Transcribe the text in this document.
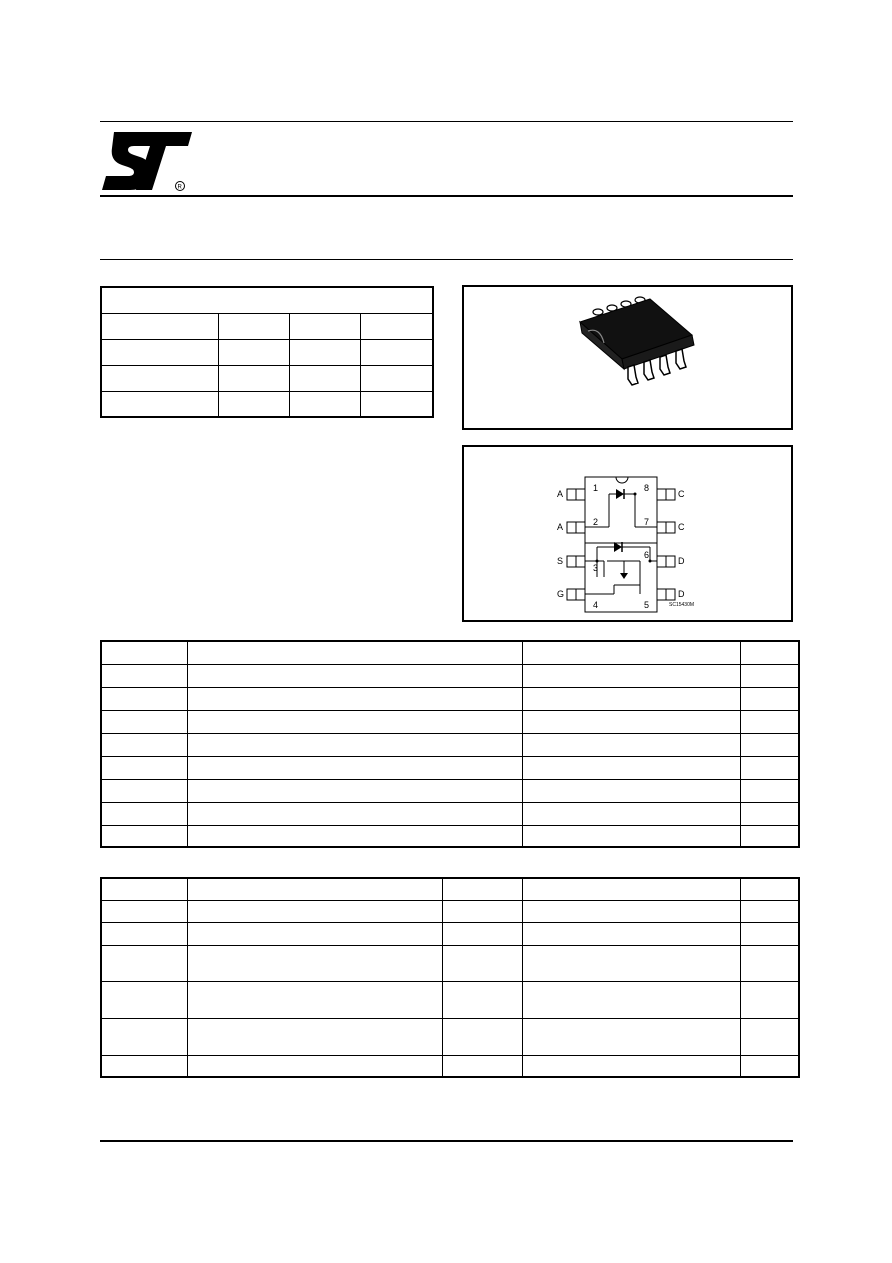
R

A
A
S
G
C
C
D
D
1
2
3
4	5
6
7
8
SC15430M
